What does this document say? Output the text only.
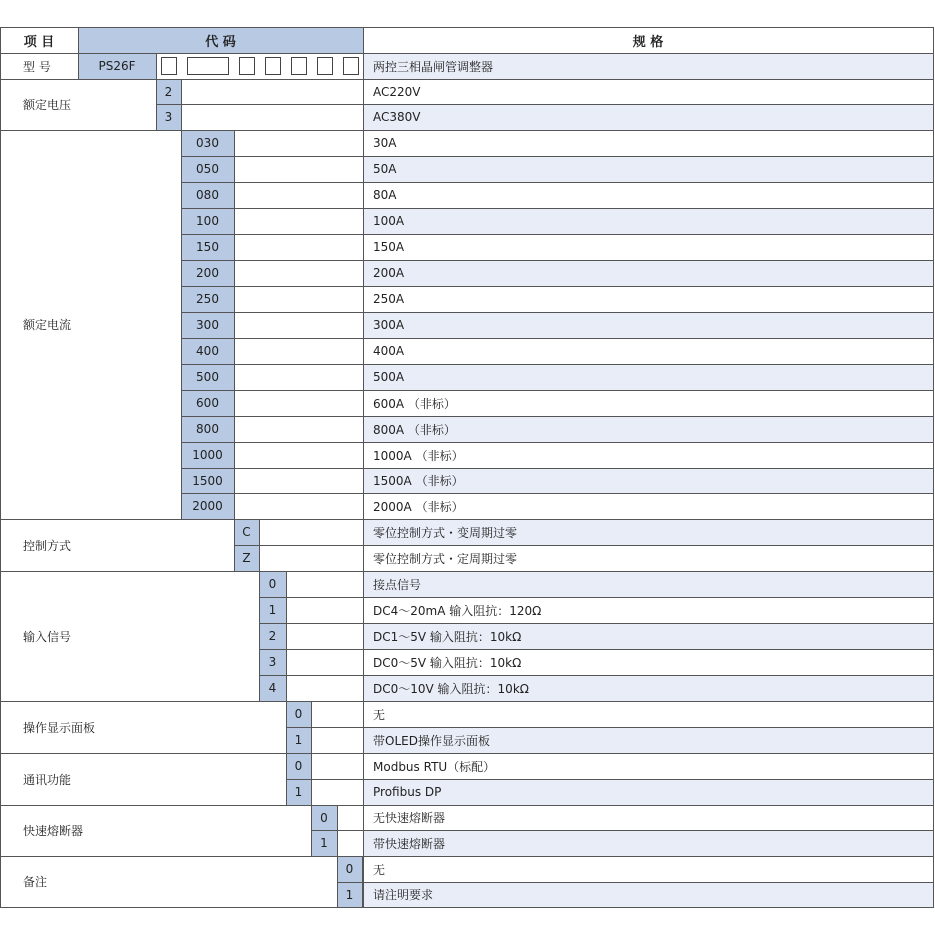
项 目	代 码	规 格
型 号	PS26F	两控三相晶闸管调整器
额定电压
2	AC220V
3	AC380V
额定电流
030	30A
050	50A
080	80A
100	100A
150	150A
200	200A
250	250A
300	300A
400	400A
500	500A
600	600A （非标）
800	800A （非标）
1000	1000A （非标）
1500	1500A （非标）
2000	2000A （非标）
控制方式
C	零位控制方式・变周期过零
Z	零位控制方式・定周期过零
输入信号
0	接点信号
1	DC4～20mA 输入阻抗：120Ω
2	DC1～5V 输入阻抗：10kΩ
3	DC0～5V 输入阻抗：10kΩ
4	DC0～10V 输入阻抗：10kΩ
操作显示面板
0	无
1	带OLED操作显示面板
通讯功能
0	Modbus RTU（标配）
1	Profibus DP
快速熔断器
0	无快速熔断器
1	带快速熔断器
备注
0	无
1	请注明要求
